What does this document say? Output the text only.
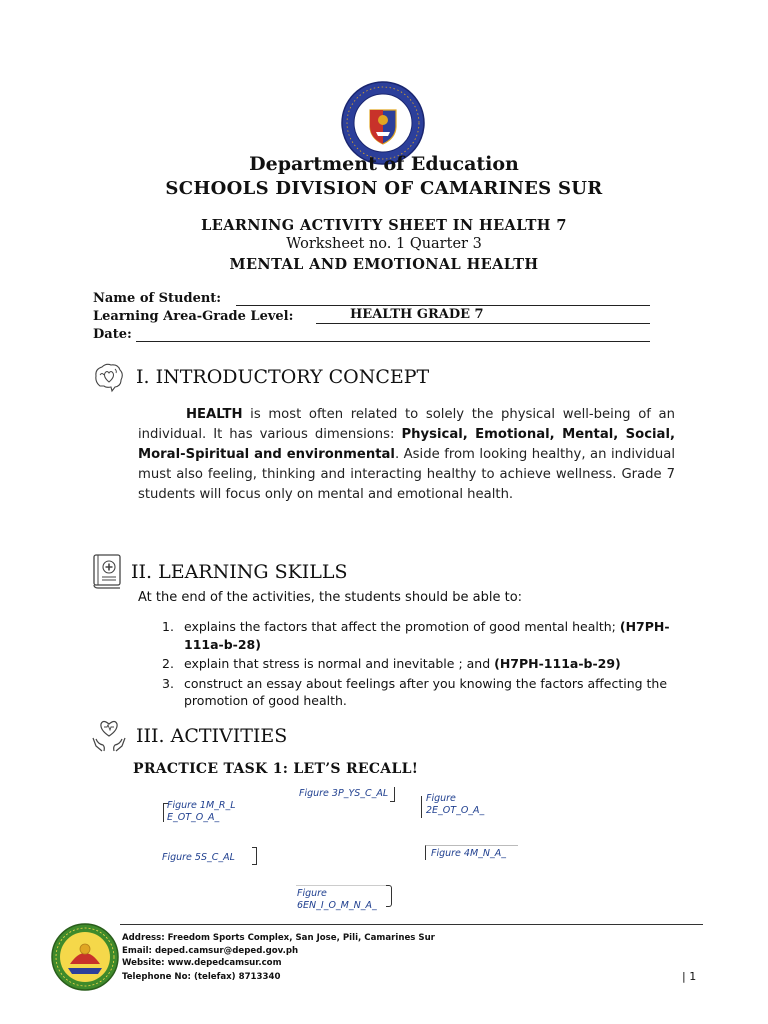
Department of Education
SCHOOLS DIVISION OF CAMARINES SUR
LEARNING ACTIVITY SHEET IN HEALTH 7
Worksheet no. 1 Quarter 3
MENTAL AND EMOTIONAL HEALTH
Name of Student:
Learning Area-Grade Level:	HEALTH GRADE 7
Date:
I. INTRODUCTORY CONCEPT
HEALTH is most often related to solely the physical well-being of an individual. It has various dimensions: Physical, Emotional, Mental, Social, Moral-Spiritual and environmental. Aside from looking healthy, an individual must also feeling, thinking and interacting healthy to achieve wellness. Grade 7 students will focus only on mental and emotional health.
II. LEARNING SKILLS
At the end of the activities, the students should be able to:
1. explains the factors that affect the promotion of good mental health; (H7PH-111a-b-28)
2. explain that stress is normal and inevitable ; and (H7PH-111a-b-29)
3. construct an essay about feelings after you knowing the factors affecting the promotion of good health.
III. ACTIVITIES
PRACTICE TASK 1: LET’S RECALL!
Figure 3P_YS_C_AL
Figure 1M_R_L
E_OT_O_A_
Figure
2E_OT_O_A_
Figure 4M_N_A_
Figure 5S_C_AL
Figure
6EN_I_O_M_N_A_
Address: Freedom Sports Complex, San Jose, Pili, Camarines Sur
Email: deped.camsur@deped.gov.ph
Website: www.depedcamsur.com
Telephone No: (telefax) 8713340	| 1
